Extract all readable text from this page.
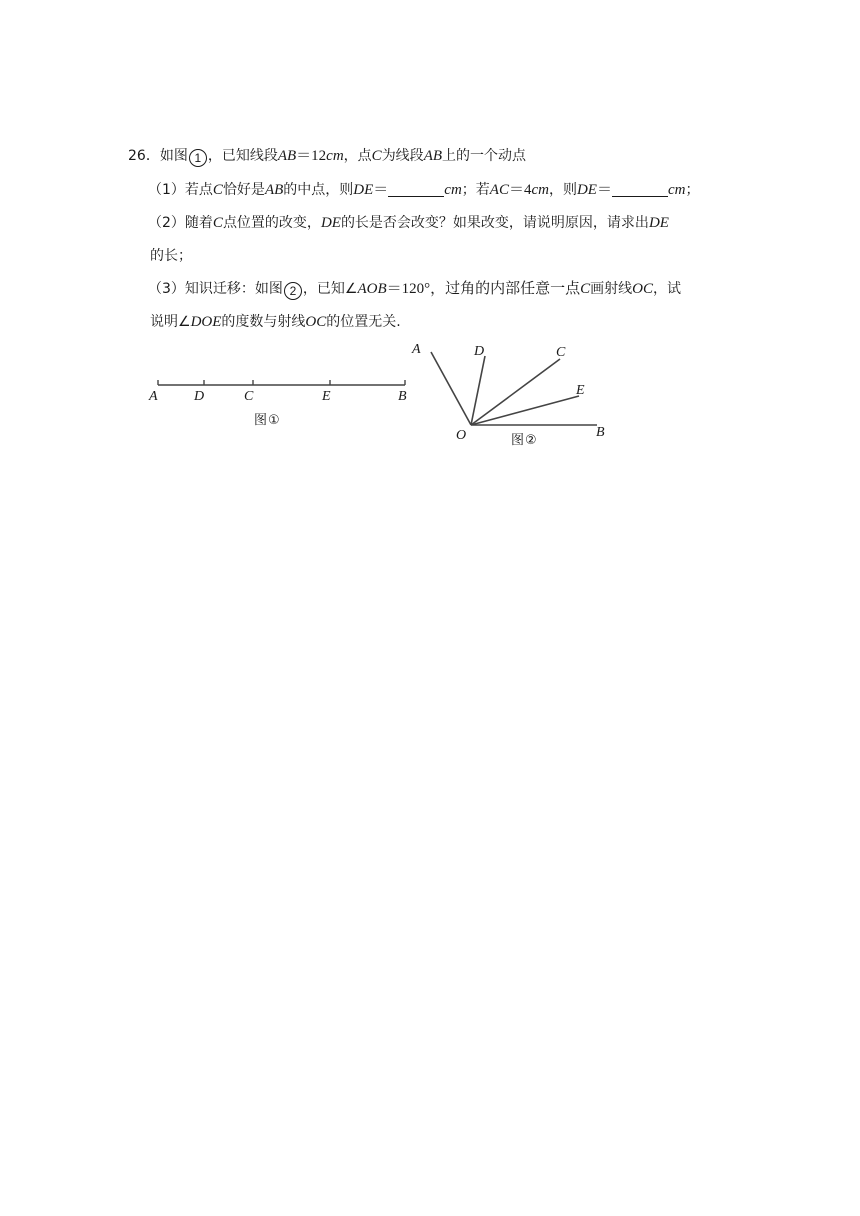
26．如图 1 ，已知线段AB＝12cm，点C为线段AB上的一个动点
（1）若点C恰好是AB的中点，则DE＝	cm；若AC＝4cm，则DE＝	cm；
（2）随着C点位置的改变，DE的长是否会改变？如果改变，请说明原因，请求出DE
的长；
（3）知识迁移：如图 2 ，已知∠AOB＝120°，过角的内部任意一点C画射线OC，试
说明∠DOE的度数与射线OC的位置无关.
A	D	C	E	B
图 ①
A	D	C
E
B
O	图 ②
